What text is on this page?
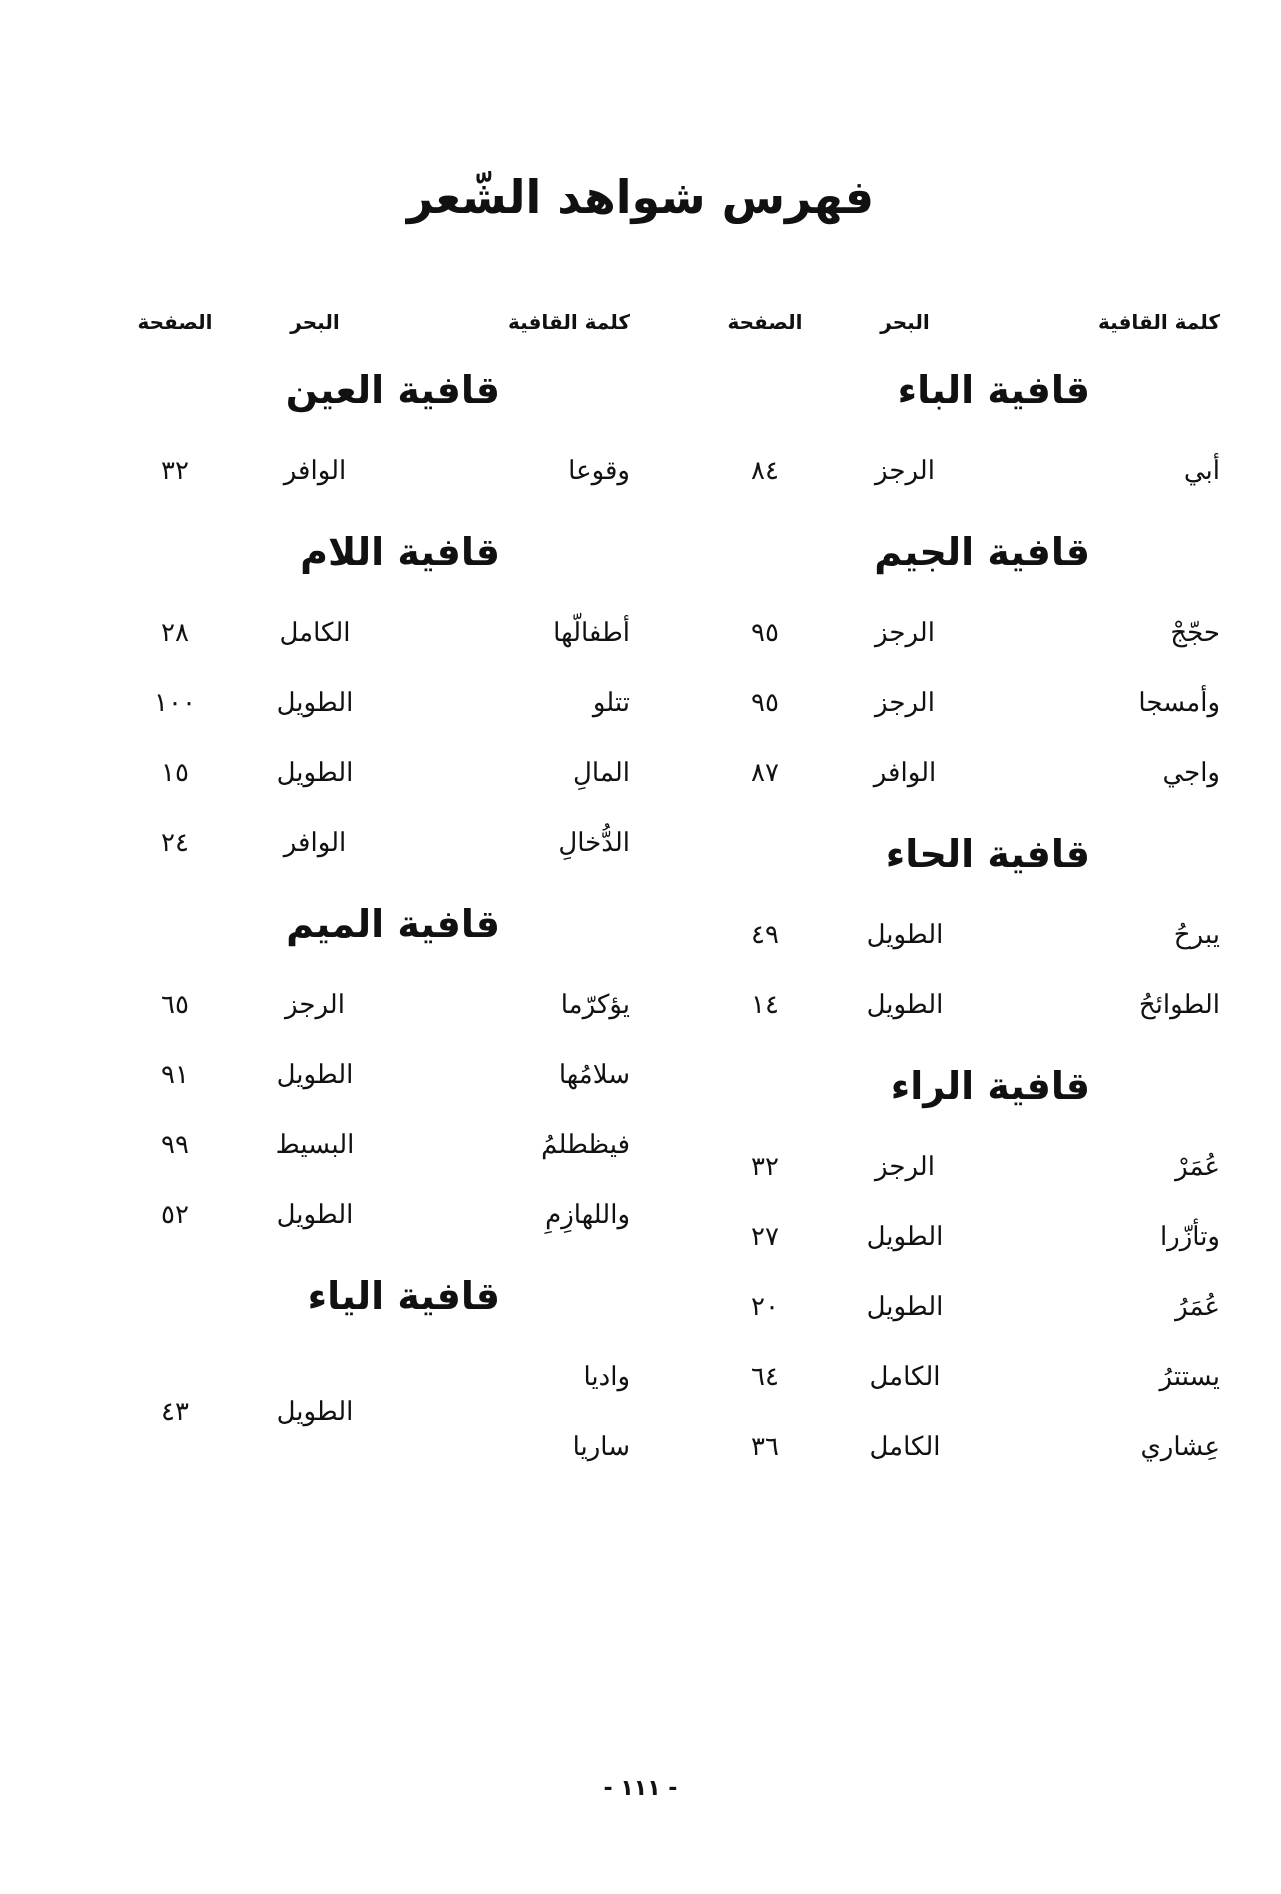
فهرس شواهد الشّعر
كلمة القافية
البحر
الصفحة
قافية الباء
أبي
الرجز
٨٤
قافية الجيم
حجّجْ
الرجز
٩٥
وأمسجا
الرجز
٩٥
واجي
الوافر
٨٧
قافية الحاء
يبرحُ
الطويل
٤٩
الطوائحُ
الطويل
١٤
قافية الراء
عُمَرْ
الرجز
٣٢
وتأزّرا
الطويل
٢٧
عُمَرُ
الطويل
٢٠
يستترُ
الكامل
٦٤
عِشاري
الكامل
٣٦
كلمة القافية
البحر
الصفحة
قافية العين
وقوعا
الوافر
٣٢
قافية اللام
أطفالّها
الكامل
٢٨
تتلو
الطويل
١٠٠
المالِ
الطويل
١٥
الدُّخالِ
الوافر
٢٤
قافية الميم
يؤكرّما
الرجز
٦٥
سلامُها
الطويل
٩١
فيظطلمُ
البسيط
٩٩
واللهازِمِ
الطويل
٥٢
قافية الياء
واديا
ساريا
الطويل
٤٣
- ١١١ -
